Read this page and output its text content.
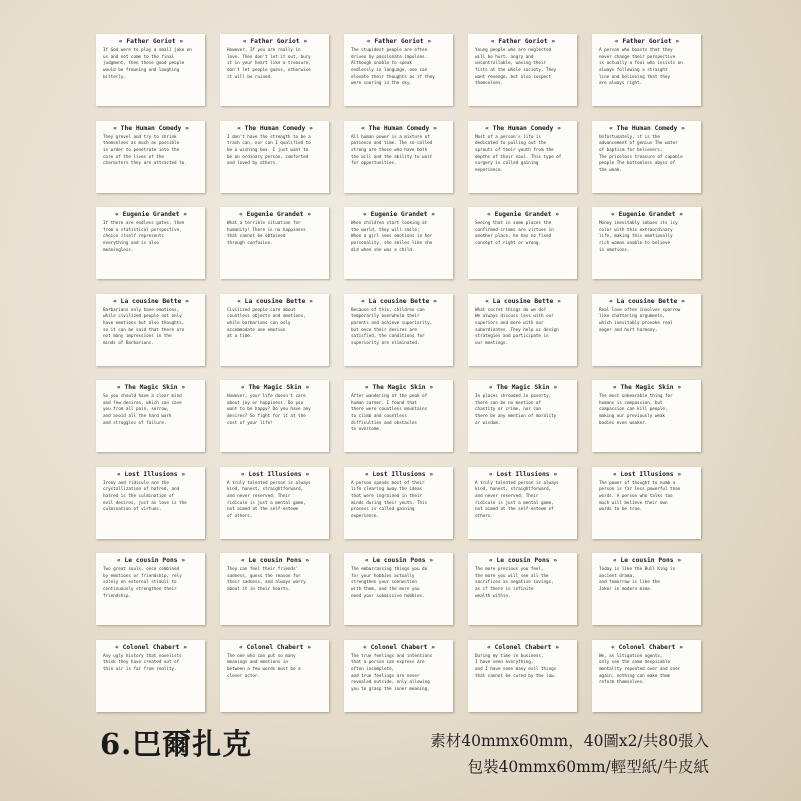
« Father Goriot »
If God were to play a small joke on
us and not come to the final
judgment, then these good people
would be frowning and laughing
bitterly.
« Father Goriot »
However, If you are really in
love. Then don't let it out, bury
it in your heart like a treasure,
don't let people guess, otherwise
it will be ruined.
« Father Goriot »
The stupidest people are often
driven by passionate impulses.
Although unable to speak
endlessly in language, one can
elevate their thoughts as if they
were soaring in the sky.
« Father Goriot »
Young people who are neglected
will be hurt, angry and
uncontrollable, waving their
fists at the whole society. They
want revenge, but also suspect
themselves.
« Father Goriot »
A person who boasts that they
never change their perspective
is actually a fool who insists on
always following a straight
line and believing that they
are always right.
« The Human Comedy »
They grovel and try to shrink
themselves as much as possible
in order to penetrate into the
core of the lives of the
characters they are attracted to.
« The Human Comedy »
I don't have the strength to be a
trash can, nor can I qualified to
be a wishing box. I just want to
be an ordinary person, comforted
and loved by others.
« The Human Comedy »
All human power is a mixture of
patience and time. The so-called
strong are those who have both
the will and the ability to wait
for opportunities.
« The Human Comedy »
Most of a person's life is
dedicated to pulling out the
sprouts of their youth from the
depths of their soul. This type of
surgery is called gaining
experience.
« The Human Comedy »
Unfortunately, it is the
advancement of genius The water
of baptism for believers;
The priceless treasure of capable
people The bottomless abyss of
the weak.
« Eugenie Grandet »
If there are endless gates, then
from a statistical perspective,
choice itself represents
everything and is also
meaningless.
« Eugenie Grandet »
What a terrible situation for
humanity! There is no happiness
that cannot be obtained
through confusion.
« Eugenie Grandet »
When children start looking at
the world, they will smile;
When a girl sees emotions in her
personality, she smiles like she
did when she was a child.
« Eugenie Grandet »
Seeing that in some places the
confirmed crimes are virtues in
another place, he has no fixed
concept of right or wrong.
« Eugenie Grandet »
Money inevitably imbues its icy
color with this extraordinary
life, making this emotionally
rich woman unable to believe
in emotions.
« La cousine Bette »
Barbarians only have emotions,
while civilized people not only
have emotions but also thoughts,
so it can be said that there are
not many impressions in the
minds of Barbarians.
« La cousine Bette »
Civilized people care about
countless objects and emotions,
while barbarians can only
accommodate one emotion
at a time.
« La cousine Bette »
Because of this, children can
temporarily overwhelm their
parents and achieve superiority,
but once their desires are
satisfied, the conditions for
superiority are eliminated.
« La cousine Bette »
What secret things do we do?
We always discuss less with our
superiors and more with our
subordinates. They help us design
strategies and participate in
our meetings.
« La cousine Bette »
Real love often involves sparrow
like chattering arguments,
which inevitably provoke real
anger and hurt harmony.
« The Magic Skin »
So you should have a clear mind
and few desires, which can save
you from all pain, sorrow,
and avoid all the hard work
and struggles of failure.
« The Magic Skin »
However, your life doesn't care
about joy or happiness. Do you
want to be happy? Do you have any
desires? So fight for it at the
cost of your life!
« The Magic Skin »
After wandering at the peak of
human career, I found that
there were countless mountains
to climb and countless
difficulties and obstacles
to overcome.
« The Magic Skin »
In places shrouded in poverty,
there can be no mention of
chastity or crime, nor can
there be any mention of morality
or wisdom.
« The Magic Skin »
The most unbearable thing for
humans is compassion, but
compassion can kill people,
making our previously weak
bodies even weaker.
« Lost Illusions »
Irony and ridicule are the
crystallization of hatred, and
hatred is the culmination of
evil desires, just as love is the
culmination of virtues.
« Lost Illusions »
A truly talented person is always
kind, honest, straightforward,
and never reserved; Their
ridicule is just a mental game,
not aimed at the self-esteem
of others.
« Lost Illusions »
A person spends most of their
life clearing away the ideas
that were ingrained in their
minds during their youth. This
process is called gaining
experience.
« Lost Illusions »
A truly talented person is always
kind, honest, straightforward,
and never reserved; Their
ridicule is just a mental game,
not aimed at the self-esteem of
others.
« Lost Illusions »
The power of thought to numb a
person is far less powerful than
words. A person who talks too
much will believe their own
words to be true.
« Le cousin Pons »
Two great souls, once combined
by emotions or friendship, rely
solely on external stimuli to
continuously strengthen their
friendship.
« Le cousin Pons »
They can feel their friends'
sadness, guess the reason for
their sadness, and always worry
about it in their hearts.
« Le cousin Pons »
The embarrassing things you do
for your hobbies actually
strengthen your connection
with them, and the more you
need your submissive hobbies.
« Le cousin Pons »
The more precious you feel,
the more you will see all the
sacrifices as negative savings,
as if there is infinite
wealth within.
« Le cousin Pons »
Today is like the Bull King in
ancient drama,
and tomorrow is like the
Joker in modern mime.
« Colonel Chabert »
Any ugly history that novelists
think they have created out of
thin air is far from reality.
« Colonel Chabert »
The one who can put so many
meanings and emotions in
between a few words must be a
clever actor.
« Colonel Chabert »
The true feelings and intentions
that a person can express are
often incomplete,
and true feelings are never
revealed outside, only allowing
you to grasp the inner meaning.
« Colonel Chabert »
During my time in business,
I have seen everything,
and I have seen many evil things
that cannot be cured by the law.
« Colonel Chabert »
We, as litigation agents,
only see the same despicable
mentality repeated over and over
again, nothing can make them
reform themselves.
6.巴爾扎克	素材40mmx60mm，40圖x2/共80張入
包裝40mmx60mm/輕型紙/牛皮紙
